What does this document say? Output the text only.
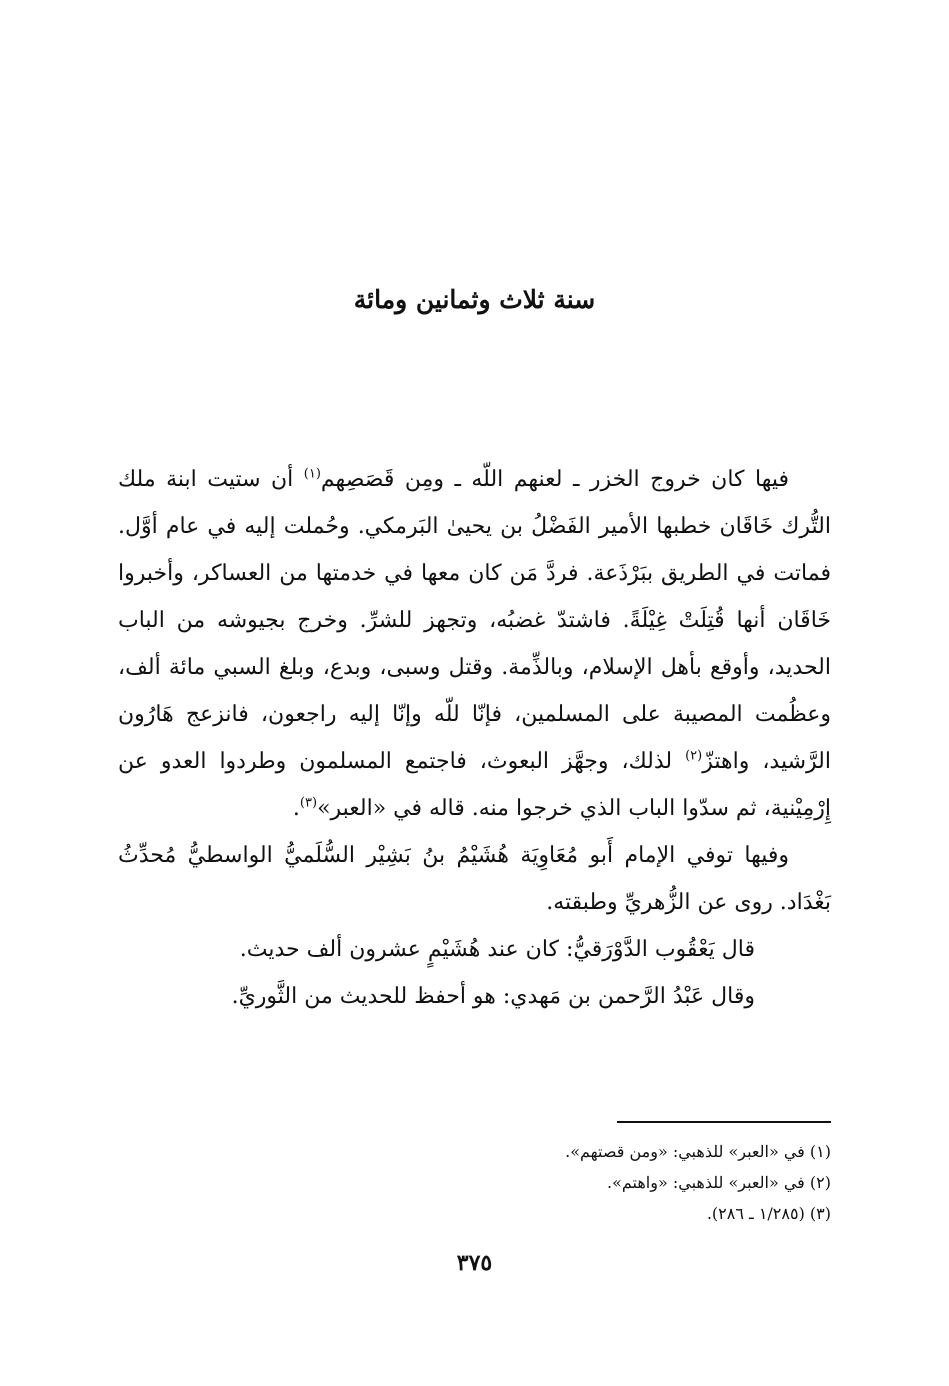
سنة ثلاث وثمانين ومائة

فيها كان خروج الخزر ـ لعنهم اللّه ـ ومِن قَصَصِهم$^{(١)}$ أن ستيت ابنة ملك التُّرك خَاقَان خطبها الأمير الفَضْلُ بن يحيىٰ البَرمكي. وحُملت إليه في عام أوَّل. فماتت في الطريق ببَرْذَعة. فردَّ مَن كان معها في خدمتها من العساكر، وأخبروا خَاقَان أنها قُتِلَتْ غِيْلَةً. فاشتدّ غضبُه، وتجهز للشرِّ. وخرج بجيوشه من الباب الحديد، وأوقع بأهل الإسلام، وبالذِّمة. وقتل وسبى، وبدع، وبلغ السبي مائة ألف، وعظُمت المصيبة على المسلمين، فإنّا للّه وإنّا إليه راجعون، فانزعج هَارُون الرَّشيد، واهتزّ$^{(٢)}$ لذلك، وجهَّز البعوث، فاجتمع المسلمون وطردوا العدو عن إِرْمِيْنية، ثم سدّوا الباب الذي خرجوا منه. قاله في «العبر»$^{(٣)}$.

وفيها توفي الإمام أَبو مُعَاوِيَة هُشَيْمُ بنُ بَشِيْر السُّلَميُّ الواسطيُّ مُحدِّثُ بَغْدَاد. روى عن الزُّهريِّ وطبقته.

قال يَعْقُوب الدَّوْرَقيُّ: كان عند هُشَيْمٍ عشرون ألف حديث.

وقال عَبْدُ الرَّحمن بن مَهدي: هو أحفظ للحديث من الثَّوريِّ.

(١) في «العبر» للذهبي: «ومن قصتهم».

(٢) في «العبر» للذهبي: «واهتم».

(٣) (١/٢٨٥ ـ ٢٨٦).

٣٧٥
